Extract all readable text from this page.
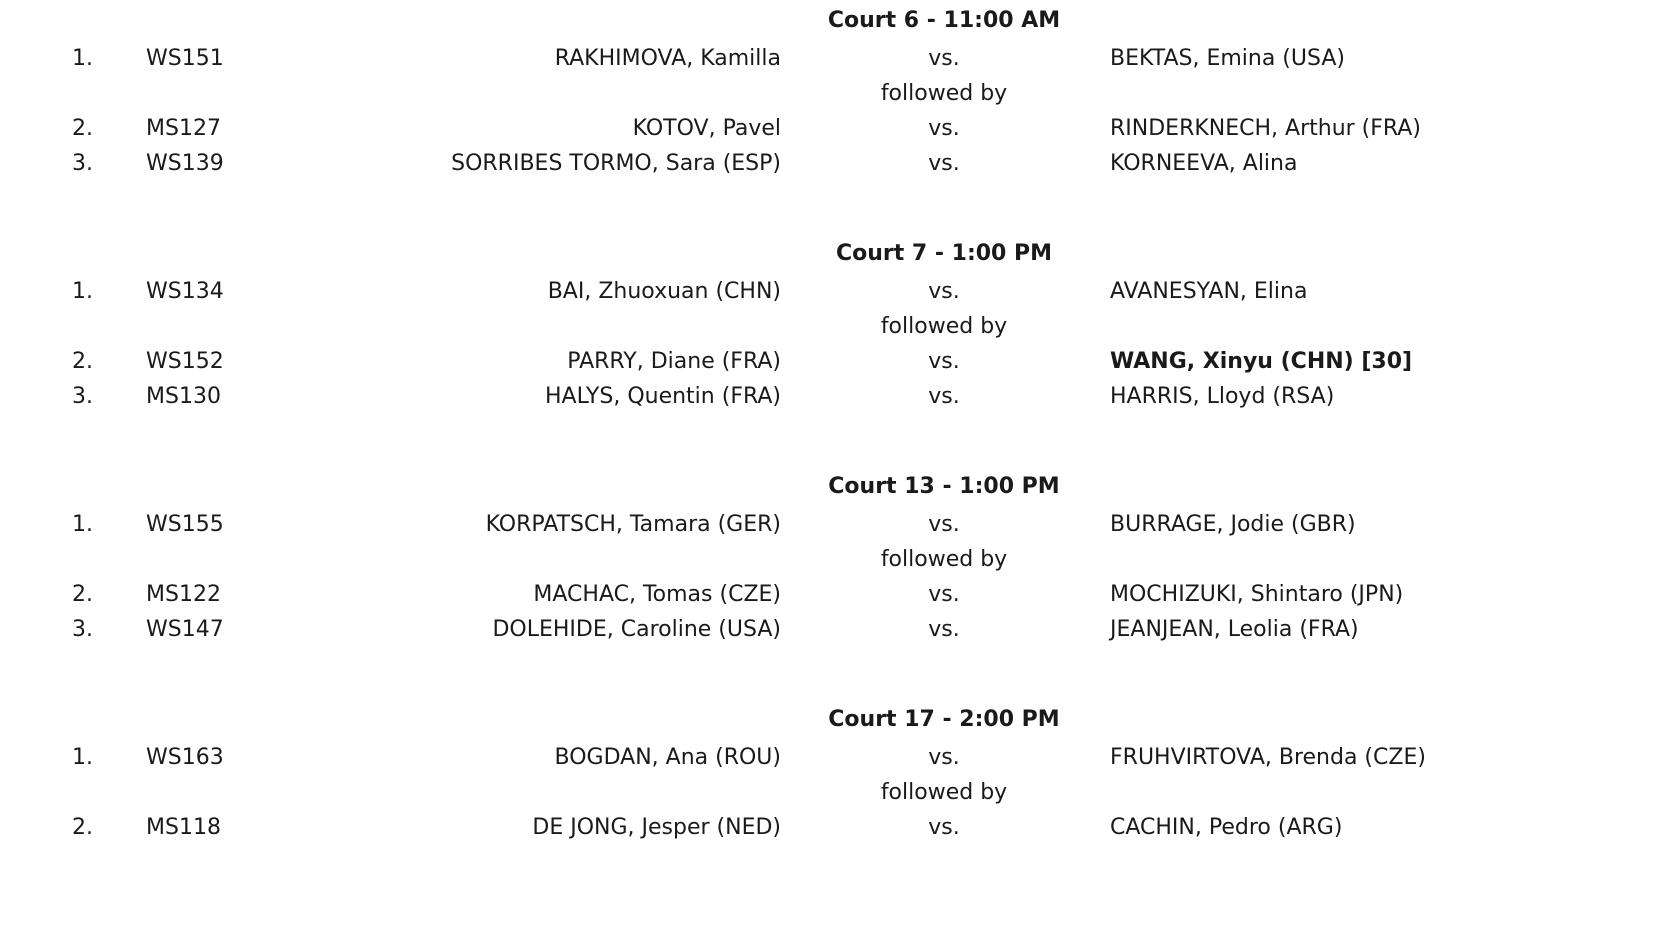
Court 6 - 11:00 AM
1. WS151	RAKHIMOVA, Kamilla	vs.	BEKTAS, Emina (USA)
followed by
2. MS127	KOTOV, Pavel	vs.	RINDERKNECH, Arthur (FRA)
3. WS139	SORRIBES TORMO, Sara (ESP)	vs.	KORNEEVA, Alina
Court 7 - 1:00 PM
1. WS134	BAI, Zhuoxuan (CHN)	vs.	AVANESYAN, Elina
followed by
2. WS152	PARRY, Diane (FRA)	vs.	WANG, Xinyu (CHN) [30]
3. MS130	HALYS, Quentin (FRA)	vs.	HARRIS, Lloyd (RSA)
Court 13 - 1:00 PM
1. WS155	KORPATSCH, Tamara (GER)	vs.	BURRAGE, Jodie (GBR)
followed by
2. MS122	MACHAC, Tomas (CZE)	vs.	MOCHIZUKI, Shintaro (JPN)
3. WS147	DOLEHIDE, Caroline (USA)	vs.	JEANJEAN, Leolia (FRA)
Court 17 - 2:00 PM
1. WS163	BOGDAN, Ana (ROU)	vs.	FRUHVIRTOVA, Brenda (CZE)
followed by
2. MS118	DE JONG, Jesper (NED)	vs.	CACHIN, Pedro (ARG)
